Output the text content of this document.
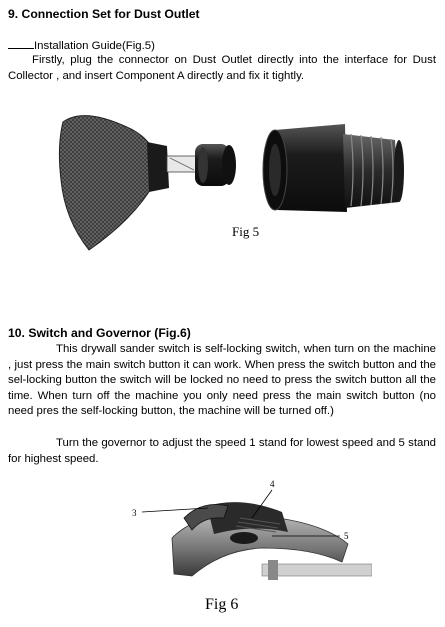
9. Connection Set for Dust Outlet
Installation Guide(Fig.5)
Firstly, plug the connector on Dust Outlet directly into the interface for Dust Collector , and insert Component A directly and fix it tightly.
Fig 5
10. Switch and Governor (Fig.6)
This drywall sander switch is self-locking switch, when turn on the machine , just press the main switch button it can work. When press the switch button and the sel-locking button the switch will be locked no need to press the switch button all the time. When turn off the machine you only need press the main switch button (no need pres the self-locking button, the machine will be turned off.)
Turn the governor to adjust the speed 1 stand for lowest speed and 5 stand for highest speed.
3
4
5
Fig 6
